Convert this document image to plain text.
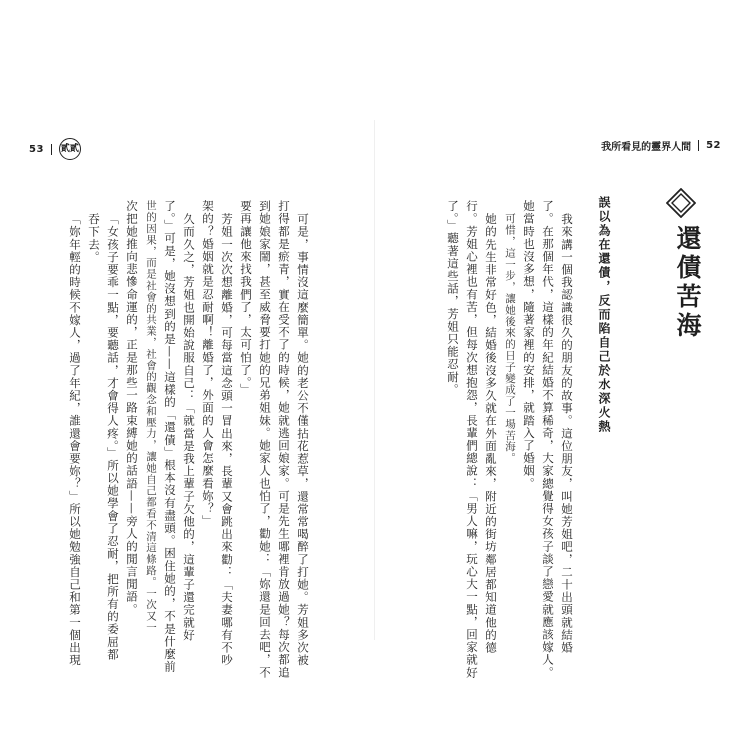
53 貳貳
「妳年輕的時候不嫁人，過了年紀，誰還會要妳？」所以她勉強自己和第一個出現 吞下去。 「女孩子要乖一點，要聽話，才會得人疼。」所以她學會了忍耐，把所有的委屈都 次把她推向悲慘命運的，正是那些一路束縛她的話語——旁人的閒言閒語。 世的因果，而是社會的共業，社會的觀念和壓力，讓她自己都看不清這條路。一次又一 了。」可是，她沒想到的是——這樣的「還債」根本沒有盡頭。困住她的，不是什麼前 久而久之，芳姐也開始說服自己：「就當是我上輩子欠他的，這輩子還完就好 架的？婚姻就是忍耐啊！離婚了，外面的人會怎麼看妳？」 芳姐一次次想離婚，可每當這念頭一冒出來，長輩又會跳出來勸：「夫妻哪有不吵 要再讓他來找我們了，太可怕了。」 到她娘家鬧，甚至威脅要打她的兄弟姐妹。她家人也怕了，勸她：「妳還是回去吧，不 打得都是瘀青，實在受不了的時候，她就逃回娘家。可是先生哪裡肯放過她？每次都追 可是，事情沒這麼簡單。她的老公不僅拈花惹草，還常常喝醉了打她。芳姐多次被
我所看見的靈界人間 52
還債苦海
誤以為在還債，反而陷自己於水深火熱
我來講一個我認識很久的朋友的故事。這位朋友，叫她芳姐吧，二十出頭就結婚
了。在那個年代，這樣的年紀結婚不算稀奇，大家總覺得女孩子談了戀愛就應該嫁人。
她當時也沒多想，隨著家裡的安排，就踏入了婚姻。
可惜，這一步，讓她後來的日子變成了一場苦海。
她的先生非常好色，結婚後沒多久就在外面亂來，附近的街坊鄰居都知道他的德
行。芳姐心裡也有苦，但每次想抱怨，長輩們總說：「男人嘛，玩心大一點，回家就好
了。」聽著這些話，芳姐只能忍耐。
